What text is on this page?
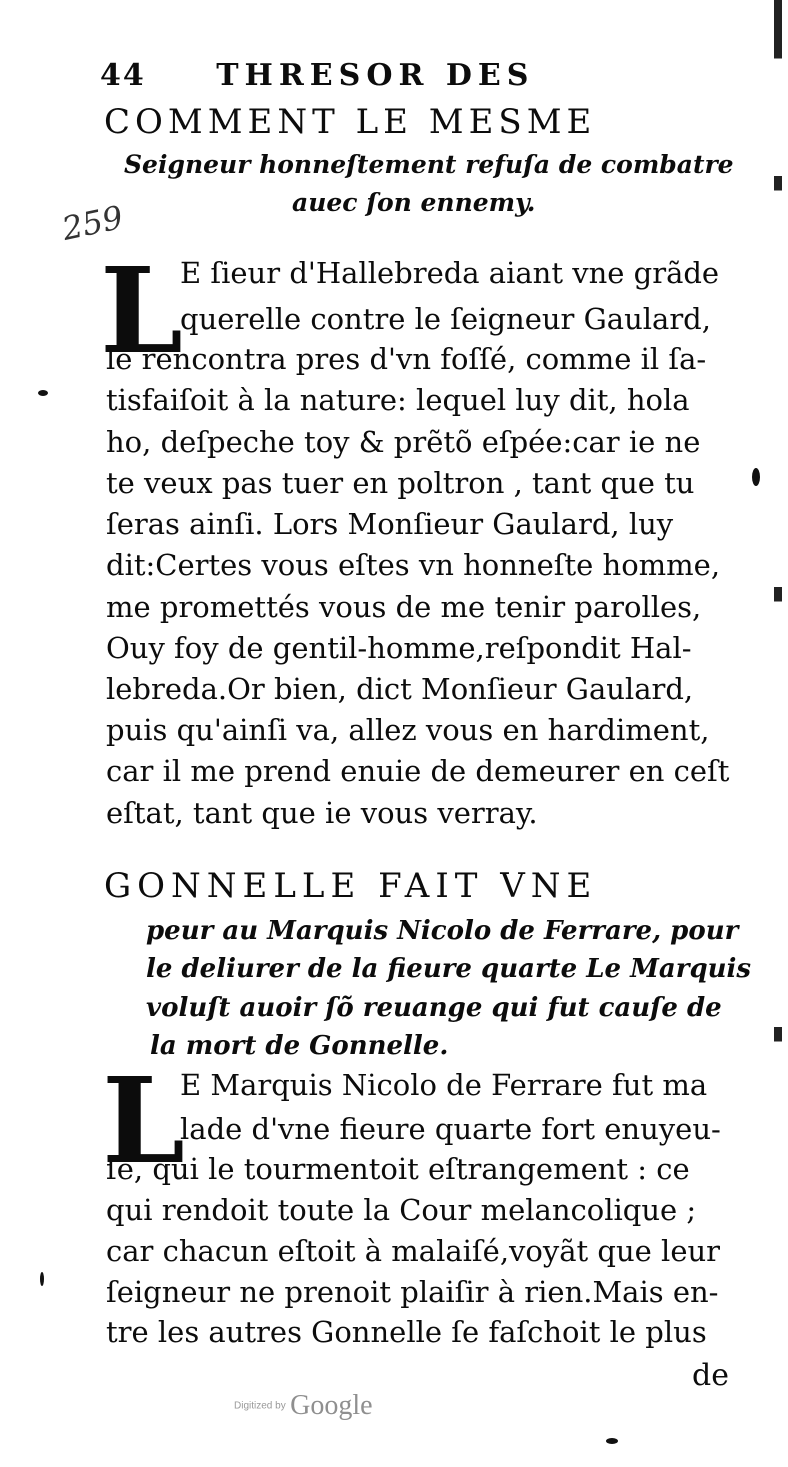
44 THRESOR DES
COMMENT LE MESME
Seigneur honneſtement refuſa de combatre
auec ſon ennemy.
259
L
E ſieur d'Hallebreda aiant vne grãde
querelle contre le ſeigneur Gaulard,
le rencontra pres d'vn foſſé, comme il ſa-
tisfaiſoit à la nature: lequel luy dit, hola
ho, deſpeche toy & prẽtõ eſpée:car ie ne
te veux pas tuer en poltron , tant que tu
ſeras ainſi. Lors Monſieur Gaulard, luy
dit:Certes vous eſtes vn honneſte homme,
me promettés vous de me tenir parolles,
Ouy foy de gentil-homme,reſpondit Hal-
lebreda.Or bien, dict Monſieur Gaulard,
puis qu'ainſi va, allez vous en hardiment,
car il me prend enuie de demeurer en ceſt
eſtat, tant que ie vous verray.
GONNELLE FAIT VNE
peur au Marquis Nicolo de Ferrare, pour
le deliurer de la fieure quarte Le Marquis
voluſt auoir ſõ reuange qui fut cauſe de
la mort de Gonnelle.
L
E Marquis Nicolo de Ferrare fut ma
lade d'vne fieure quarte fort enuyeu-
ſe, qui le tourmentoit eſtrangement : ce
qui rendoit toute la Cour melancolique ;
car chacun eſtoit à malaiſé,voyãt que leur
ſeigneur ne prenoit plaiſir à rien.Mais en-
tre les autres Gonnelle ſe faſchoit le plus
de
Digitized by Google
